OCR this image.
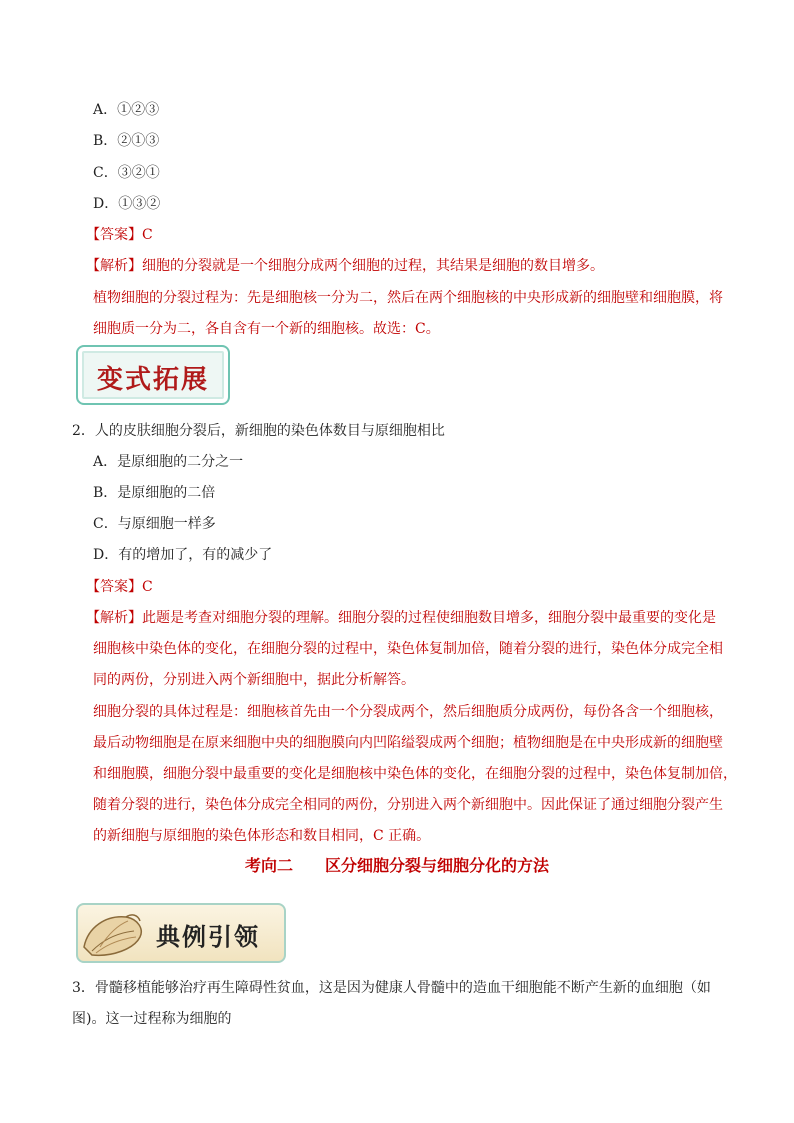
A．①②③
B．②①③
C．③②①
D．①③②
【答案】C
【解析】细胞的分裂就是一个细胞分成两个细胞的过程，其结果是细胞的数目增多。
植物细胞的分裂过程为：先是细胞核一分为二，然后在两个细胞核的中央形成新的细胞壁和细胞膜，将
细胞质一分为二，各自含有一个新的细胞核。故选：C。
变式拓展
2．人的皮肤细胞分裂后，新细胞的染色体数目与原细胞相比
A．是原细胞的二分之一
B．是原细胞的二倍
C．与原细胞一样多
D．有的增加了，有的减少了
【答案】C
【解析】此题是考查对细胞分裂的理解。细胞分裂的过程使细胞数目增多，细胞分裂中最重要的变化是
细胞核中染色体的变化，在细胞分裂的过程中，染色体复制加倍，随着分裂的进行，染色体分成完全相
同的两份，分别进入两个新细胞中，据此分析解答。
细胞分裂的具体过程是：细胞核首先由一个分裂成两个，然后细胞质分成两份，每份各含一个细胞核，
最后动物细胞是在原来细胞中央的细胞膜向内凹陷缢裂成两个细胞；植物细胞是在中央形成新的细胞壁
和细胞膜，细胞分裂中最重要的变化是细胞核中染色体的变化，在细胞分裂的过程中，染色体复制加倍，
随着分裂的进行，染色体分成完全相同的两份，分别进入两个新细胞中。因此保证了通过细胞分裂产生
的新细胞与原细胞的染色体形态和数目相同，C 正确。
考向二　　区分细胞分裂与细胞分化的方法
典例引领
3．骨髓移植能够治疗再生障碍性贫血，这是因为健康人骨髓中的造血干细胞能不断产生新的血细胞（如
图)。这一过程称为细胞的
